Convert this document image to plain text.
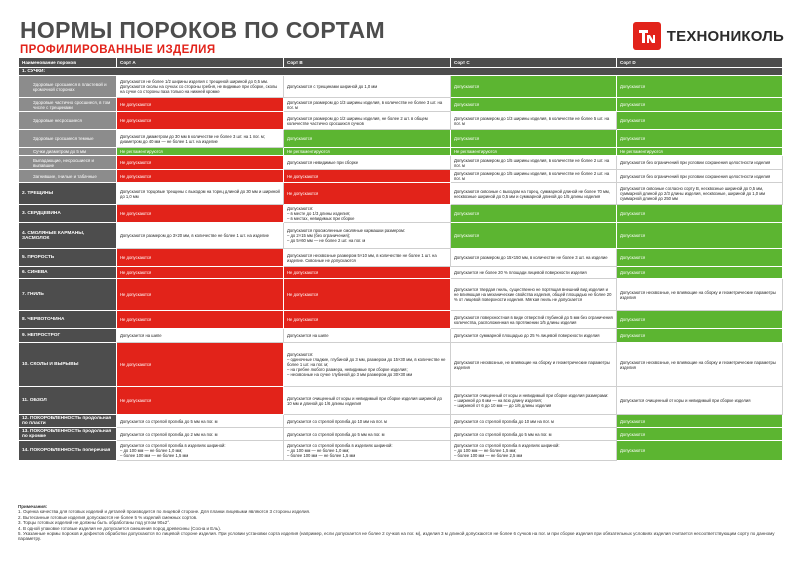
НОРМЫ ПОРОКОВ ПО СОРТАМ
ПРОФИЛИРОВАННЫЕ ИЗДЕЛИЯ
ТЕХНОНИКОЛЬ
Наименование пороков	Сорт A	Сорт B	Сорт C	Сорт D
1. СУЧКИ:				
Здоровые сросшиеся в пластевой и кромочной сторонах	Допускаются не более 1/2 ширины изделия с трещиной шириной до 0,5 мм. Допускаются сколы на сучках со стороны гребня, не видимые при сборке, сколы на сучке со стороны паза только на нижней кромке	Допускаются с трещинами шириной до 1,0 мм	Допускаются	Допускаются
Здоровые частично сросшиеся, в том числе с трещинами	Не допускаются	Допускаются размером до 1/3 ширины изделия, в количестве не более 3 шт. на пог. м	Допускаются	Допускаются
Здоровые несросшиеся	Не допускаются	Допускаются размером до 1/2 ширины изделия, не более 2 шт. в общем количестве частично сросшихся сучков	Допускаются размером до 1/3 ширины изделия, в количестве не более 5 шт. на пог. м	Допускаются
Здоровые сросшиеся темные	Допускаются диаметром до 30 мм в количестве не более 3 шт. на 1 пог. м; диаметром до 40 мм — не более 1 шт. на изделие	Допускаются	Допускаются	Допускаются
Сучки диаметром до 5 мм	Не регламентируются	Не регламентируются	Не регламентируются	Не регламентируются
Выпадающие, несросшиеся и выпавшие	Не допускаются	Допускаются невидимые при сборке	Допускаются размером до 1/5 ширины изделия, в количестве не более 2 шт. на пог. м	Допускаются без ограничений при условии сохранения целостности изделия
Загнившие, гнилые и табачные	Не допускаются	Не допускаются	Допускаются размером до 1/5 ширины изделия, в количестве не более 2 шт. на пог. м	Допускаются без ограничений при условии сохранения целостности изделия
2. ТРЕЩИНЫ	Допускаются торцовые трещины с выходом на торец длиной до 30 мм и шириной до 1,0 мм	Не допускаются	Допускаются сквозные с выходом на торец, суммарной длиной не более 70 мм, несквозные шириной до 0,5 мм и суммарной длиной до 1/5 длины изделия	Допускаются сквозные согласно сорту B, несквозные шириной до 0,5 мм, суммарной длиной до 2/3 длины изделия, несквозные, шириной до 1,0 мм суммарной длиной до 250 мм
3. СЕРДЦЕВИНА	Не допускаются	Допускаются:
– в месте до 1/3 длины изделия;
– в местах, невидимых при сборке	Допускаются	Допускаются
4. СМОЛЯНЫЕ КАРМАНЫ, ЗАСМОЛОК	Допускаются размером до 3×20 мм, в количестве не более 1 шт. на изделие	Допускаются просмоленные смоляные кармашки размером:
– до 2×15 мм (без ограничения);
– до 5×60 мм — не более 2 шт. на пог. м	Допускаются	Допускаются
5. ПРОРОСТЬ	Не допускаются	Допускаются несквозные размером 5×10 мм, в количестве не более 1 шт. на изделие. Сквозные не допускаются	Допускаются размером до 15×150 мм, в количестве не более 3 шт. на изделие	Допускаются
6. СИНЕВА	Не допускаются	Не допускаются	Допускается не более 20 % площади лицевой поверхности изделия	Допускаются
7. ГНИЛЬ	Не допускаются	Не допускаются	Допускается твердая гниль, существенно не портящая внешний вид изделия и не влияющая на механические свойства изделия, общей площадью не более 20 % от лицевой поверхности изделия. Мягкая гниль не допускается	Допускаются несквозные, не влияющие на сборку и геометрические параметры изделия
8. ЧЕРВОТОЧИНА	Не допускаются	Не допускаются	Допускаются поверхностная в виде отверстий глубиной до 5 мм без ограничения количества, расположенная на протяжении 1/5 длины изделия	Допускаются
9. НЕПРОСТРОГ	Допускается на шипе	Допускается на шипе	Допускается суммарной площадью до 25 % лицевой поверхности изделия	Допускаются
10. СКОЛЫ И ВЫРЫВЫ	Не допускаются	Допускаются:
– одиночные гладкие, глубиной до 3 мм, размером до 15×30 мм, в количестве не более 1 шт. на пог. м;
– на гребне любого размера, невидимые при сборке изделия;
– несквозные на сучке глубиной до 3 мм размером до 30×30 мм	Допускаются несквозные, не влияющие на сборку и геометрические параметры изделия	Допускаются несквозные, не влияющие на сборку и геометрические параметры изделия
11. ОБЗОЛ	Не допускаются	Допускается очищенный от коры и невидимый при сборке изделия шириной до 10 мм и длиной до 1/6 длины изделия	Допускается очищенный от коры и невидимый при сборке изделия размерами:
– шириной до 6 мм — на всю длину изделия;
– шириной от 6 до 10 мм — до 1/6 длины изделия	Допускается очищенный от коры и невидимый при сборке изделия
12. ПОКОРОБЛЕННОСТЬ продольная по пласти	Допускается со стрелой прогиба до 5 мм на пог. м	Допускается со стрелой прогиба до 10 мм на пог. м	Допускается со стрелой прогиба до 10 мм на пог. м	Допускаются
13. ПОКОРОБЛЕННОСТЬ продольная по кромке	Допускается со стрелой прогиба до 2 мм на пог. м	Допускается со стрелой прогиба до 5 мм на пог. м	Допускается со стрелой прогиба до 5 мм на пог. м	Допускаются
14. ПОКОРОБЛЕННОСТЬ поперечная	Допускается со стрелой прогиба в изделиях шириной:
– до 100 мм — не более 1,0 мм;
– более 100 мм — не более 1,5 мм	Допускается со стрелой прогиба в изделиях шириной:
– до 100 мм — не более 1,0 мм;
– более 100 мм — не более 1,5 мм	Допускается со стрелой прогиба в изделиях шириной:
– до 100 мм — не более 1,5 мм;
– более 100 мм — не более 2,5 мм	Допускаются
Примечания:
1. Оценка качества для готовых изделий и деталей производится по лицевой стороне. Для планки лицевыми являются 3 стороны изделия.
2. Вытесанные готовые изделия допускаются не более 5 % изделий смежных сортов.
3. Торцы готовых изделий не должны быть обработаны под углом 90±2°.
4. В одной упаковке готовые изделия не допускается смешения пород древесины (Сосна и Ель).
5. Указанные нормы пороков и дефектов обработки допускаются по лицевой стороне изделия. При условии установки сорта изделия (например, если допускается не более 2 сучков на пог. м), изделия 3 м длиной допускаются не более 6 сучков на пог. м при сборке изделия при обязательных условиях изделия считается несоответствующим сорту по данному параметру.
